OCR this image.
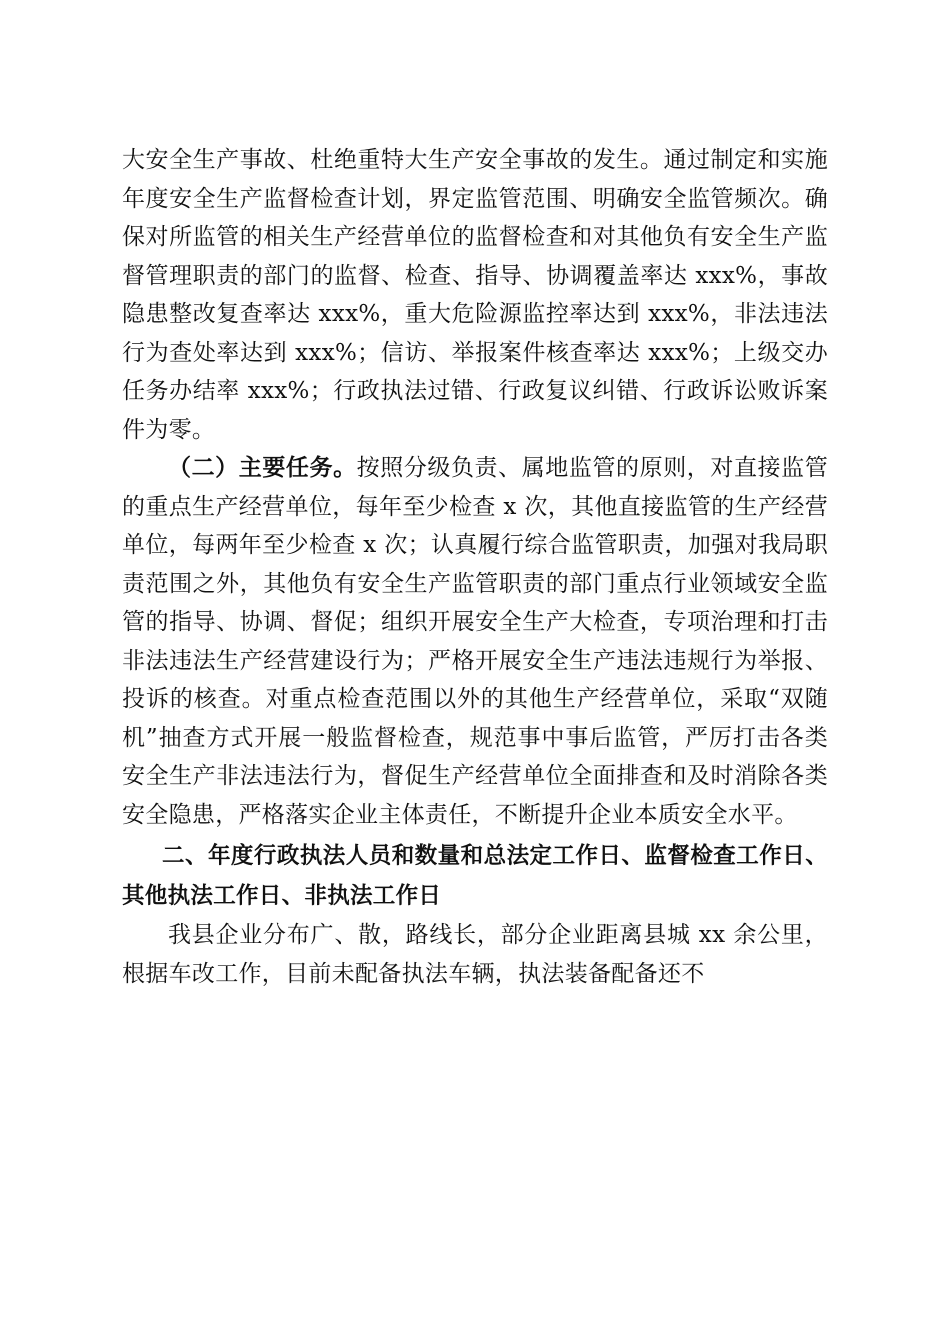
大安全生产事故、杜绝重特大生产安全事故的发生。通过制定和实施年度安全生产监督检查计划，界定监管范围、明确安全监管频次。确保对所监管的相关生产经营单位的监督检查和对其他负有安全生产监督管理职责的部门的监督、检查、指导、协调覆盖率达 xxx%，事故隐患整改复查率达 xxx%，重大危险源监控率达到 xxx%，非法违法行为查处率达到 xxx%；信访、举报案件核查率达 xxx%；上级交办任务办结率 xxx%；行政执法过错、行政复议纠错、行政诉讼败诉案件为零。

（二）主要任务。按照分级负责、属地监管的原则，对直接监管的重点生产经营单位，每年至少检查 x 次，其他直接监管的生产经营单位，每两年至少检查 x 次；认真履行综合监管职责，加强对我局职责范围之外，其他负有安全生产监管职责的部门重点行业领域安全监管的指导、协调、督促；组织开展安全生产大检查，专项治理和打击非法违法生产经营建设行为；严格开展安全生产违法违规行为举报、投诉的核查。对重点检查范围以外的其他生产经营单位，采取“双随机”抽查方式开展一般监督检查，规范事中事后监管，严厉打击各类安全生产非法违法行为，督促生产经营单位全面排查和及时消除各类安全隐患，严格落实企业主体责任，不断提升企业本质安全水平。

二、年度行政执法人员和数量和总法定工作日、监督检查工作日、其他执法工作日、非执法工作日

我县企业分布广、散，路线长，部分企业距离县城 xx 余公里，根据车改工作，目前未配备执法车辆，执法装备配备还不
